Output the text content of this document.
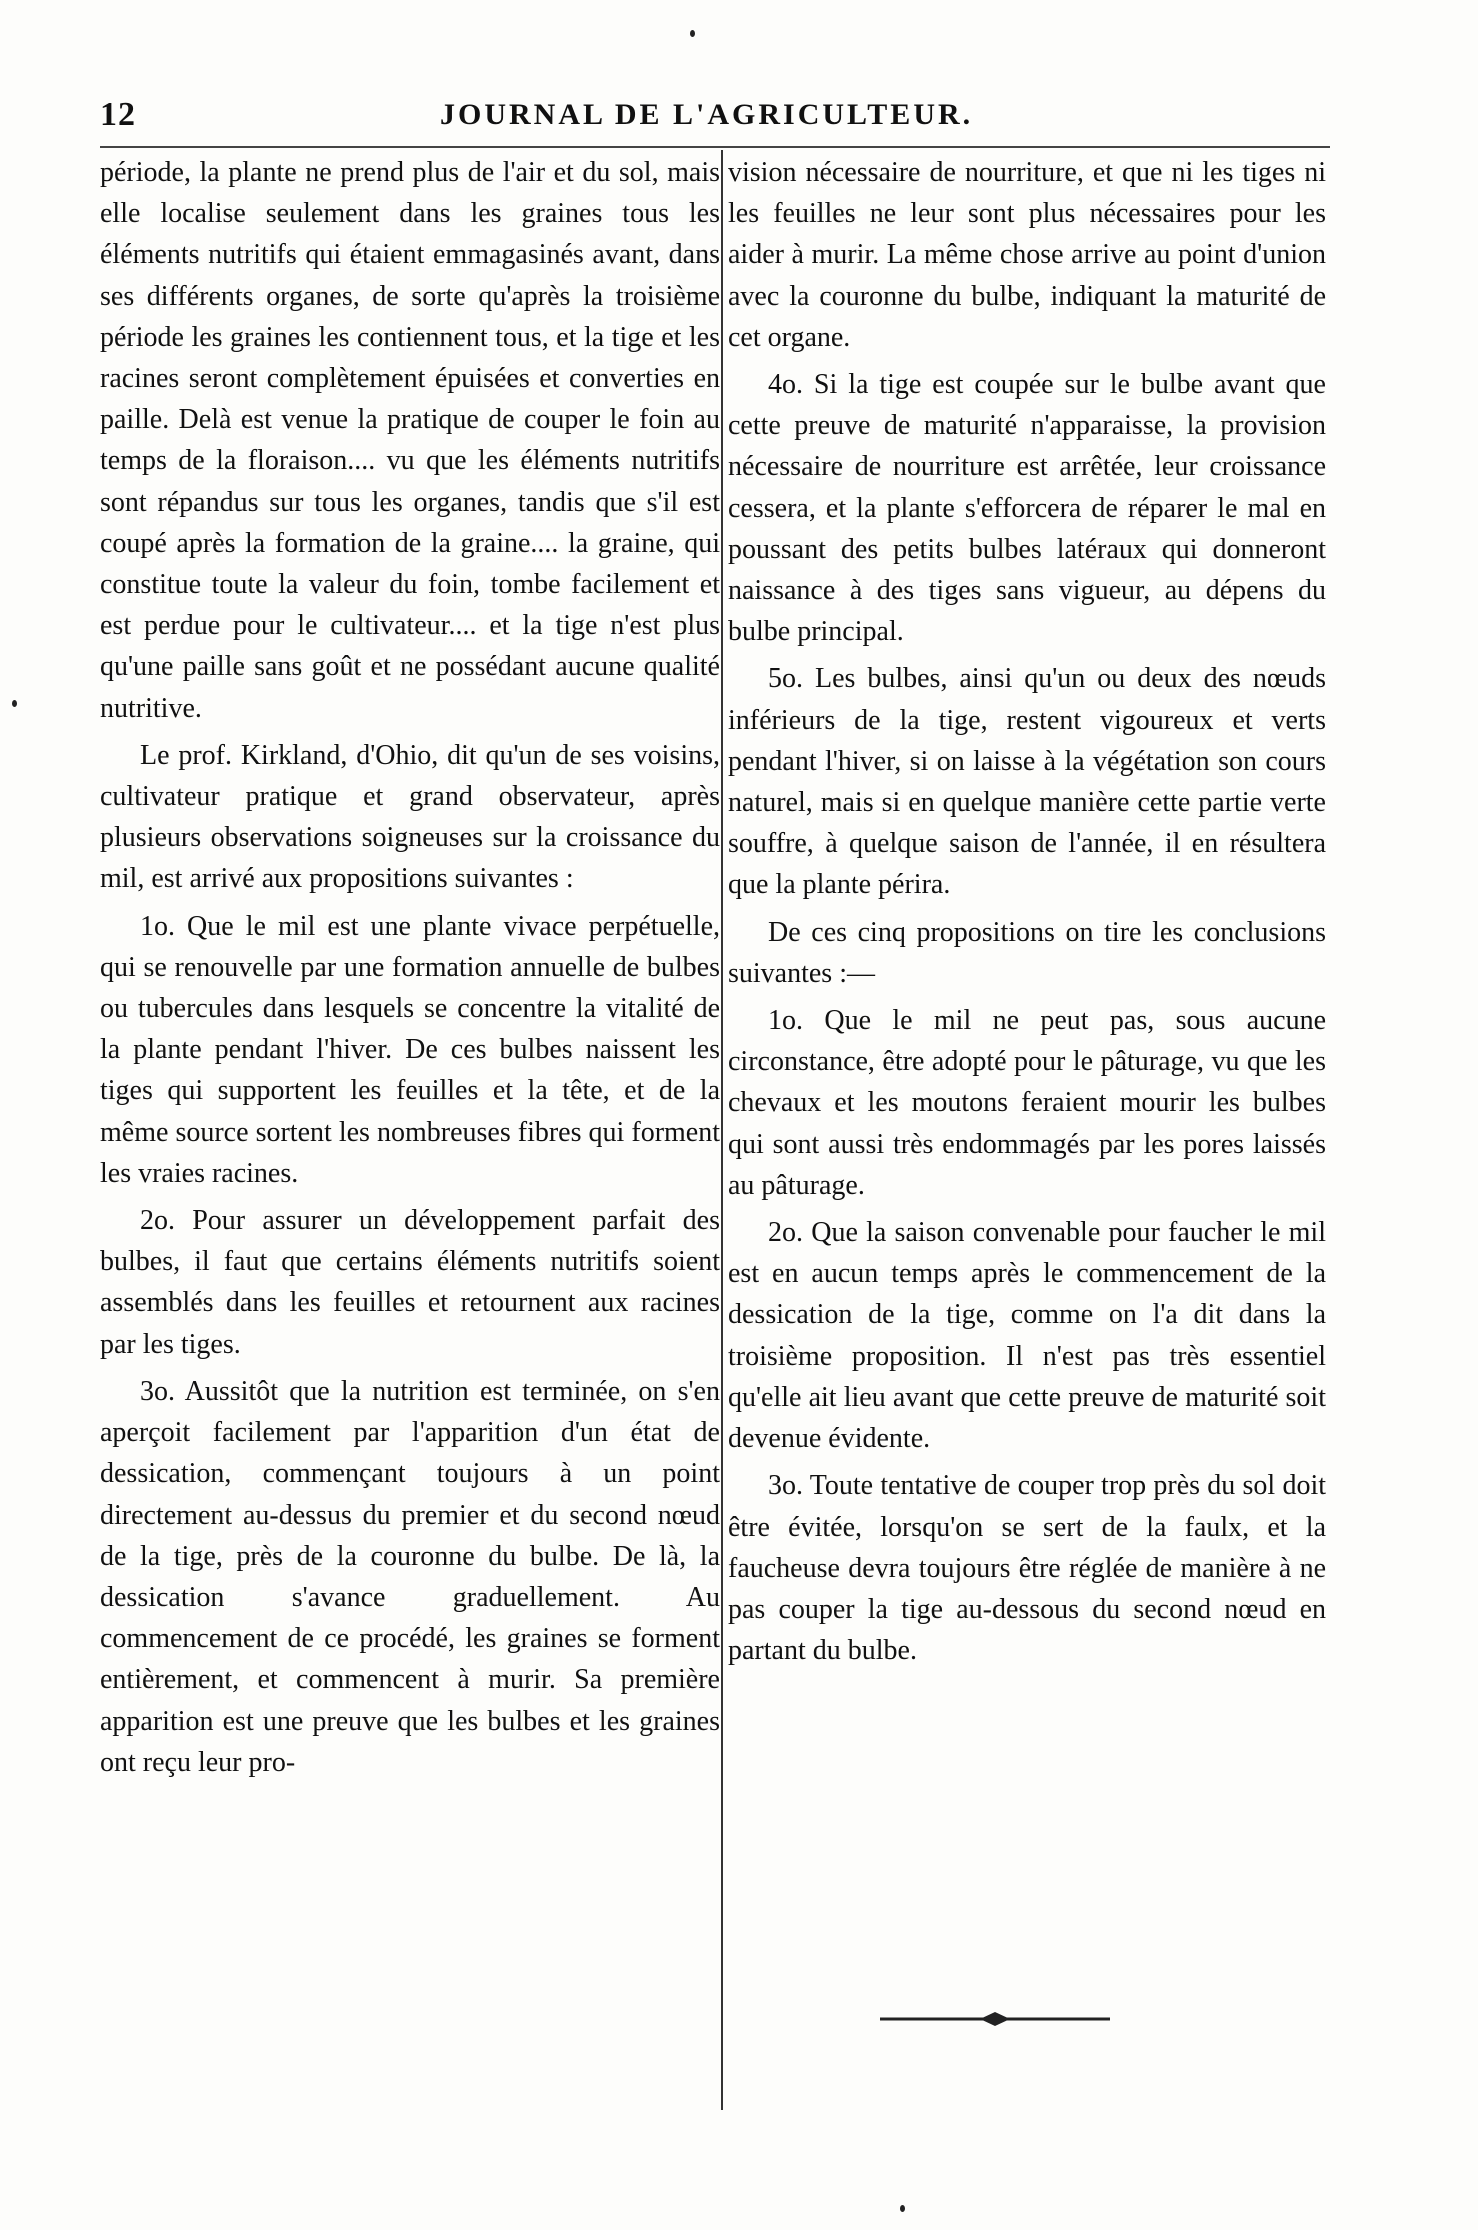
12	JOURNAL DE L'AGRICULTEUR.

période, la plante ne prend plus de l'air et du sol, mais elle localise seulement dans les graines tous les éléments nutritifs qui étaient emmagasinés avant, dans ses différents organes, de sorte qu'après la troisième période les graines les contiennent tous, et la tige et les racines seront complètement épuisées et converties en paille. Delà est venue la pratique de couper le foin au temps de la floraison.... vu que les éléments nutritifs sont répandus sur tous les organes, tandis que s'il est coupé après la formation de la graine.... la graine, qui constitue toute la valeur du foin, tombe facilement et est perdue pour le cultivateur.... et la tige n'est plus qu'une paille sans goût et ne possédant aucune qualité nutritive.

Le prof. Kirkland, d'Ohio, dit qu'un de ses voisins, cultivateur pratique et grand observateur, après plusieurs observations soigneuses sur la croissance du mil, est arrivé aux propositions suivantes :

1o. Que le mil est une plante vivace perpétuelle, qui se renouvelle par une formation annuelle de bulbes ou tubercules dans lesquels se concentre la vitalité de la plante pendant l'hiver. De ces bulbes naissent les tiges qui supportent les feuilles et la tête, et de la même source sortent les nombreuses fibres qui forment les vraies racines.

2o. Pour assurer un développement parfait des bulbes, il faut que certains éléments nutritifs soient assemblés dans les feuilles et retournent aux racines par les tiges.

3o. Aussitôt que la nutrition est terminée, on s'en aperçoit facilement par l'apparition d'un état de dessication, commençant toujours à un point directement au-dessus du premier et du second nœud de la tige, près de la couronne du bulbe. De là, la dessication s'avance graduellement. Au commencement de ce procédé, les graines se forment entièrement, et commencent à murir. Sa première apparition est une preuve que les bulbes et les graines ont reçu leur pro-

vision nécessaire de nourriture, et que ni les tiges ni les feuilles ne leur sont plus nécessaires pour les aider à murir. La même chose arrive au point d'union avec la couronne du bulbe, indiquant la maturité de cet organe.

4o. Si la tige est coupée sur le bulbe avant que cette preuve de maturité n'apparaisse, la provision nécessaire de nourriture est arrêtée, leur croissance cessera, et la plante s'efforcera de réparer le mal en poussant des petits bulbes latéraux qui donneront naissance à des tiges sans vigueur, au dépens du bulbe principal.

5o. Les bulbes, ainsi qu'un ou deux des nœuds inférieurs de la tige, restent vigoureux et verts pendant l'hiver, si on laisse à la végétation son cours naturel, mais si en quelque manière cette partie verte souffre, à quelque saison de l'année, il en résultera que la plante périra.

De ces cinq propositions on tire les conclusions suivantes :—

1o. Que le mil ne peut pas, sous aucune circonstance, être adopté pour le pâturage, vu que les chevaux et les moutons feraient mourir les bulbes qui sont aussi très endommagés par les pores laissés au pâturage.

2o. Que la saison convenable pour faucher le mil est en aucun temps après le commencement de la dessication de la tige, comme on l'a dit dans la troisième proposition. Il n'est pas très essentiel qu'elle ait lieu avant que cette preuve de maturité soit devenue évidente.

3o. Toute tentative de couper trop près du sol doit être évitée, lorsqu'on se sert de la faulx, et la faucheuse devra toujours être réglée de manière à ne pas couper la tige au-dessous du second nœud en partant du bulbe.
